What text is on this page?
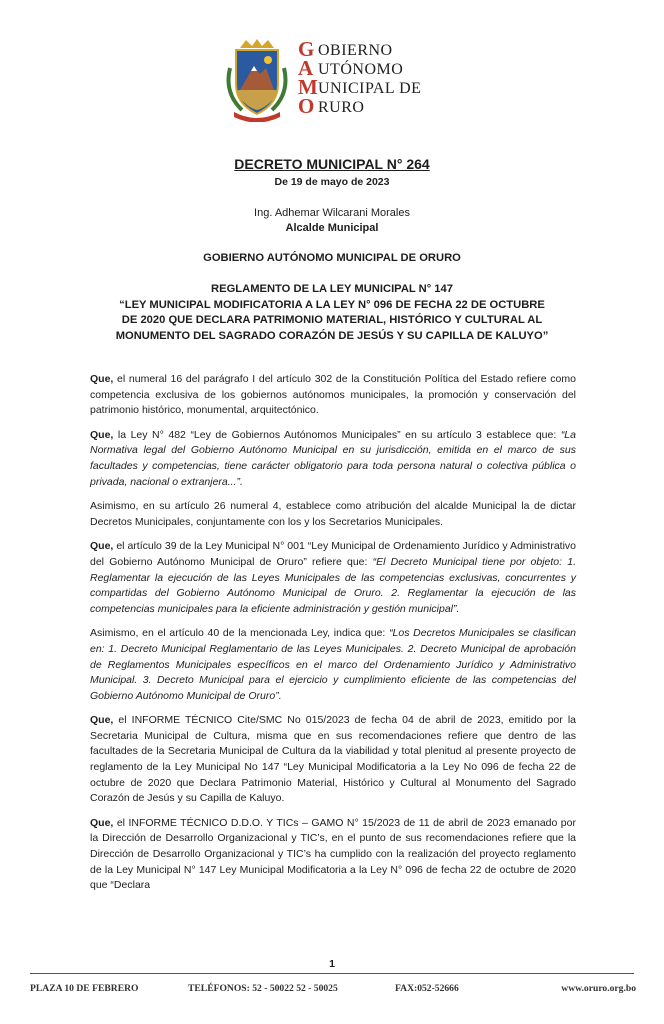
G
A
M
O
OBIERNO
UTÓNOMO
UNICIPAL DE
RURO
DECRETO MUNICIPAL N° 264
De 19 de mayo de 2023
Ing. Adhemar Wilcarani Morales
Alcalde Municipal
GOBIERNO AUTÓNOMO MUNICIPAL DE ORURO
REGLAMENTO DE LA LEY MUNICIPAL N° 147
“LEY MUNICIPAL MODIFICATORIA A LA LEY N° 096 DE FECHA 22 DE OCTUBRE
DE 2020 QUE DECLARA PATRIMONIO MATERIAL, HISTÓRICO Y CULTURAL AL
MONUMENTO DEL SAGRADO CORAZÓN DE JESÚS Y SU CAPILLA DE KALUYO”

Que, el numeral 16 del parágrafo I del artículo 302 de la Constitución Política del Estado refiere como competencia exclusiva de los gobiernos autónomos municipales, la promoción y conservación del patrimonio histórico, monumental, arquitectónico.

Que, la Ley N° 482 “Ley de Gobiernos Autónomos Municipales” en su artículo 3 establece que: “La Normativa legal del Gobierno Autónomo Municipal en su jurisdicción, emitida en el marco de sus facultades y competencias, tiene carácter obligatorio para toda persona natural o colectiva pública o privada, nacional o extranjera...”.

Asimismo, en su artículo 26 numeral 4, establece como atribución del alcalde Municipal la de dictar Decretos Municipales, conjuntamente con los y los Secretarios Municipales.

Que, el artículo 39 de la Ley Municipal N° 001 “Ley Municipal de Ordenamiento Jurídico y Administrativo del Gobierno Autónomo Municipal de Oruro” refiere que: “El Decreto Municipal tiene por objeto: 1. Reglamentar la ejecución de las Leyes Municipales de las competencias exclusivas, concurrentes y compartidas del Gobierno Autónomo Municipal de Oruro. 2. Reglamentar la ejecución de las competencias municipales para la eficiente administración y gestión municipal”.

Asimismo, en el artículo 40 de la mencionada Ley, indica que: “Los Decretos Municipales se clasifican en: 1. Decreto Municipal Reglamentario de las Leyes Municipales. 2. Decreto Municipal de aprobación de Reglamentos Municipales específicos en el marco del Ordenamiento Jurídico y Administrativo Municipal. 3. Decreto Municipal para el ejercicio y cumplimiento eficiente de las competencias del Gobierno Autónomo Municipal de Oruro”.

Que, el INFORME TÉCNICO Cite/SMC No 015/2023 de fecha 04 de abril de 2023, emitido por la Secretaria Municipal de Cultura, misma que en sus recomendaciones refiere que dentro de las facultades de la Secretaria Municipal de Cultura da la viabilidad y total plenitud al presente proyecto de reglamento de la Ley Municipal No 147 “Ley Municipal Modificatoria a la Ley No 096 de fecha 22 de octubre de 2020 que Declara Patrimonio Material, Histórico y Cultural al Monumento del Sagrado Corazón de Jesús y su Capilla de Kaluyo.

Que, el INFORME TÉCNICO D.D.O. Y TICs – GAMO N° 15/2023 de 11 de abril de 2023 emanado por la Dirección de Desarrollo Organizacional y TIC’s, en el punto de sus recomendaciones refiere que la Dirección de Desarrollo Organizacional y TIC’s ha cumplido con la realización del proyecto reglamento de la Ley Municipal N° 147 Ley Municipal Modificatoria a la Ley N° 096 de fecha 22 de octubre de 2020 que “Declara

1
PLAZA 10 DE FEBRERO	TELÉFONOS: 52 - 50022 52 - 50025	FAX:052-52666	www.oruro.org.bo
